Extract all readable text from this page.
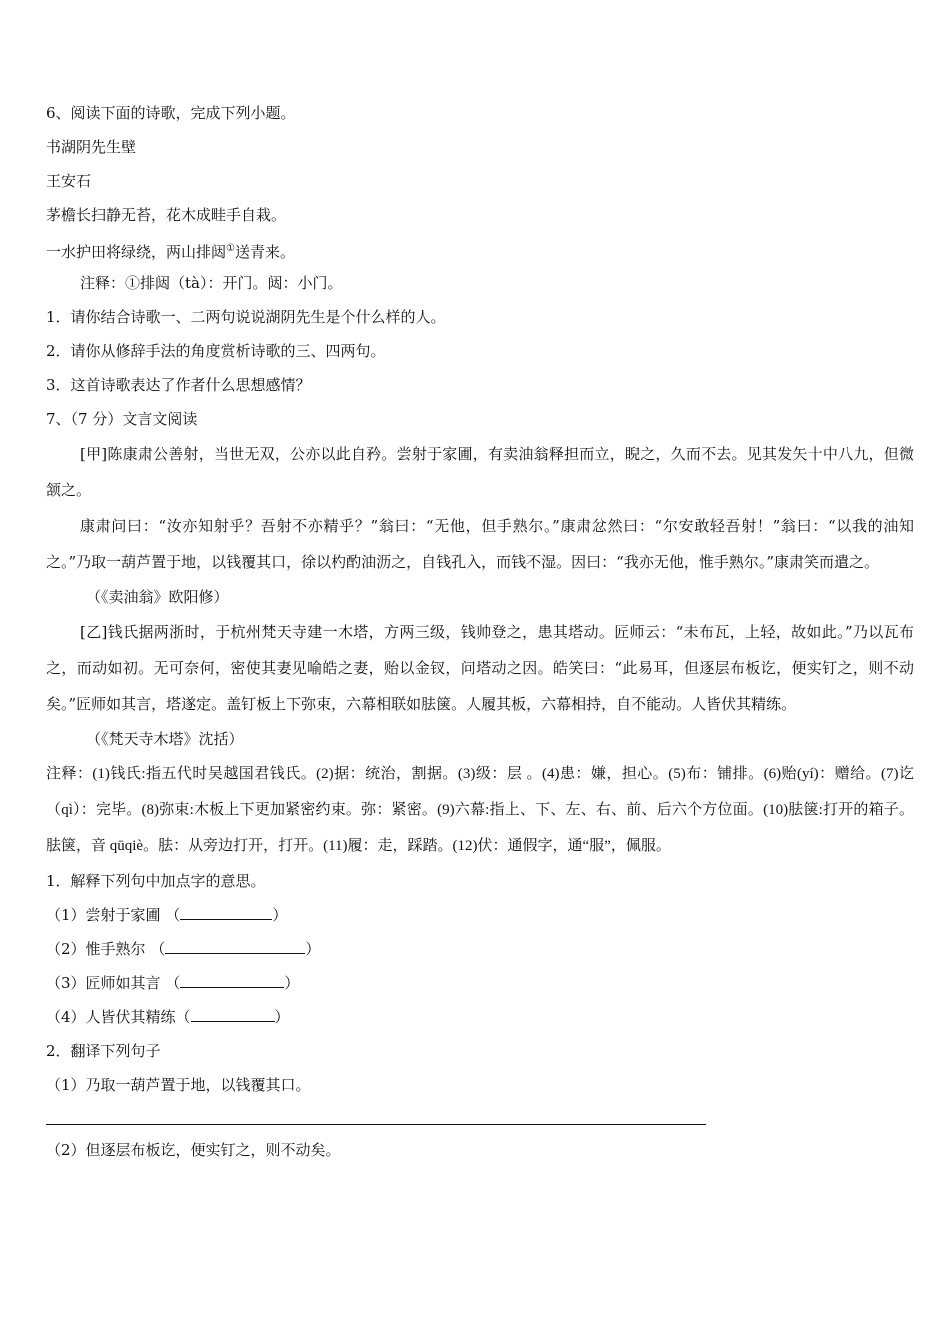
6、阅读下面的诗歌，完成下列小题。
书湖阴先生壁
王安石
茅檐长扫静无苔，花木成畦手自栽。
一水护田将绿绕，两山排闼①送青来。
注释：①排闼（tà）：开门。闼：小门。
1．请你结合诗歌一、二两句说说湖阴先生是个什么样的人。
2．请你从修辞手法的角度赏析诗歌的三、四两句。
3．这首诗歌表达了作者什么思想感情？
7、（7 分）文言文阅读
[甲]陈康肃公善射，当世无双，公亦以此自矜。尝射于家圃，有卖油翁释担而立，睨之，久而不去。见其发矢十中八九，但微颔之。
康肃问曰：“汝亦知射乎？吾射不亦精乎？”翁曰：“无他，但手熟尔。”康肃忿然曰：“尔安敢轻吾射！”翁曰：“以我的油知之。”乃取一葫芦置于地，以钱覆其口，徐以杓酌油沥之，自钱孔入，而钱不湿。因曰：“我亦无他，惟手熟尔。”康肃笑而遣之。
（《卖油翁》欧阳修）
[乙]钱氏据两浙时，于杭州梵天寺建一木塔，方两三级，钱帅登之，患其塔动。匠师云：“未布瓦，上轻，故如此。”乃以瓦布之，而动如初。无可奈何，密使其妻见喻皓之妻，贻以金钗，问塔动之因。皓笑曰：“此易耳，但逐层布板讫，便实钉之，则不动矣。”匠师如其言，塔遂定。盖钉板上下弥束，六幕相联如胠箧。人履其板，六幕相持，自不能动。人皆伏其精练。
（《梵天寺木塔》沈括）
注释：(1)钱氏:指五代时吴越国君钱氏。(2)据：统治，割据。(3)级：层 。(4)患：嫌，担心。(5)布：铺排。(6)贻(yí)：赠给。(7)讫（qì）：完毕。(8)弥束:木板上下更加紧密约束。弥：紧密。(9)六幕:指上、下、左、右、前、后六个方位面。(10)胠箧:打开的箱子。胠箧，音 qūqiè。胠：从旁边打开，打开。(11)履：走，踩踏。(12)伏：通假字，通“服”，佩服。
1．解释下列句中加点字的意思。
（1）尝射于家圃 （	）
（2）惟手熟尔 （	）
（3）匠师如其言 （	）
（4）人皆伏其精练（	）
2．翻译下列句子
（1）乃取一葫芦置于地，以钱覆其口。
（2）但逐层布板讫，便实钉之，则不动矣。
